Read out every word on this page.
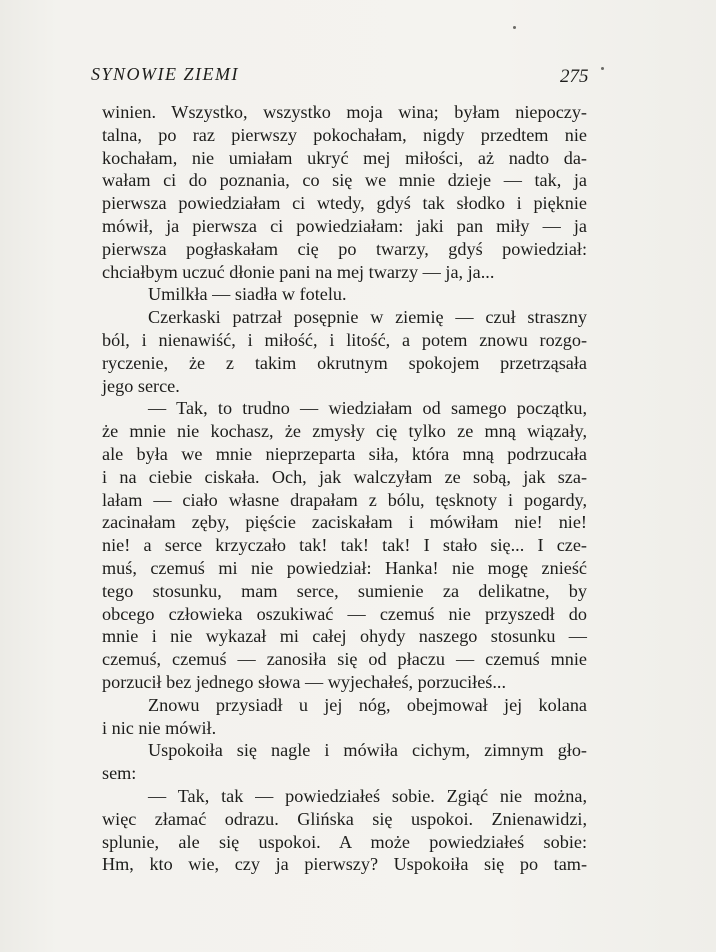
SYNOWIE ZIEMI	275
winien. Wszystko, wszystko moja wina; byłam niepoczy-
talna, po raz pierwszy pokochałam, nigdy przedtem nie
kochałam, nie umiałam ukryć mej miłości, aż nadto da-
wałam ci do poznania, co się we mnie dzieje — tak, ja
pierwsza powiedziałam ci wtedy, gdyś tak słodko i pięknie
mówił, ja pierwsza ci powiedziałam: jaki pan miły — ja
pierwsza pogłaskałam cię po twarzy, gdyś powiedział:
chciałbym uczuć dłonie pani na mej twarzy — ja, ja...
Umilkła — siadła w fotelu.
Czerkaski patrzał posępnie w ziemię — czuł straszny
ból, i nienawiść, i miłość, i litość, a potem znowu rozgo-
ryczenie, że z takim okrutnym spokojem przetrząsała
jego serce.
— Tak, to trudno — wiedziałam od samego początku,
że mnie nie kochasz, że zmysły cię tylko ze mną wiązały,
ale była we mnie nieprzeparta siła, która mną podrzucała
i na ciebie ciskała. Och, jak walczyłam ze sobą, jak sza-
lałam — ciało własne drapałam z bólu, tęsknoty i pogardy,
zacinałam zęby, pięście zaciskałam i mówiłam nie! nie!
nie! a serce krzyczało tak! tak! tak! I stało się... I cze-
muś, czemuś mi nie powiedział: Hanka! nie mogę znieść
tego stosunku, mam serce, sumienie za delikatne, by
obcego człowieka oszukiwać — czemuś nie przyszedł do
mnie i nie wykazał mi całej ohydy naszego stosunku —
czemuś, czemuś — zanosiła się od płaczu — czemuś mnie
porzucił bez jednego słowa — wyjechałeś, porzuciłeś...
Znowu przysiadł u jej nóg, obejmował jej kolana
i nic nie mówił.
Uspokoiła się nagle i mówiła cichym, zimnym gło-
sem:
— Tak, tak — powiedziałeś sobie. Zgiąć nie można,
więc złamać odrazu. Glińska się uspokoi. Znienawidzi,
splunie, ale się uspokoi. A może powiedziałeś sobie:
Hm, kto wie, czy ja pierwszy? Uspokoiła się po tam-
